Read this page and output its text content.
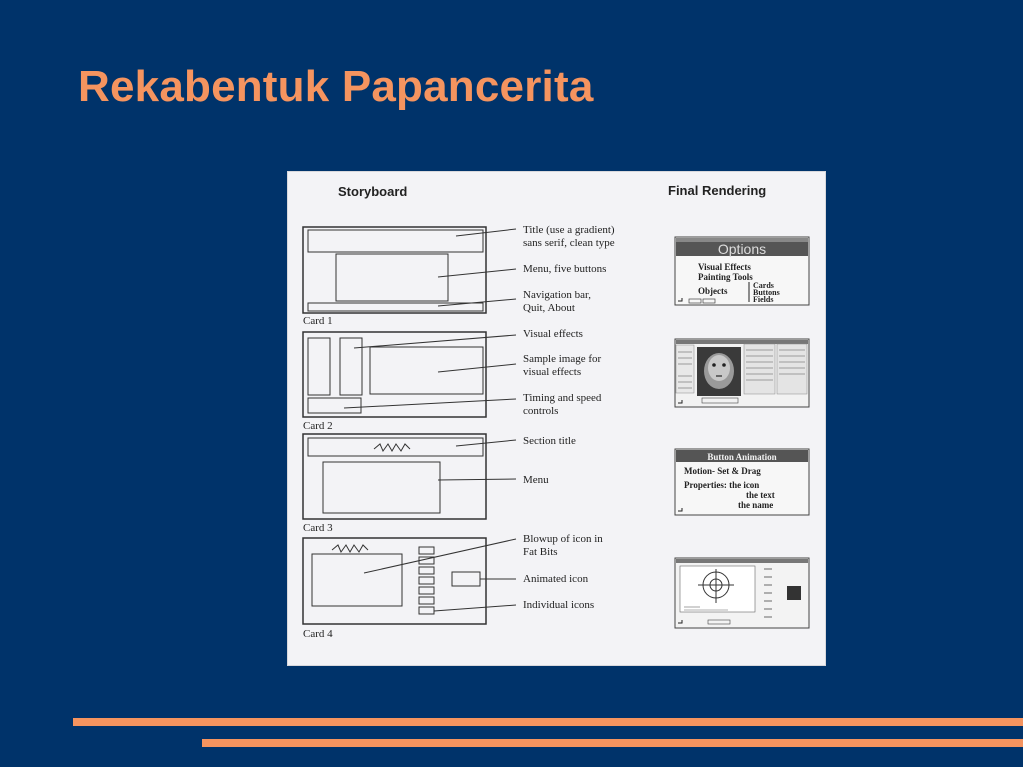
Rekabentuk Papancerita
Storyboard	Final Rendering
Card 1
Title (use a gradient)
sans serif, clean type
Menu, five buttons
Navigation bar,
Quit, About
Card 2
Visual effects
Sample image for
visual effects
Timing and speed
controls
Card 3
Section title
Menu
Card 4
Blowup of icon in
Fat Bits
Animated icon
Individual icons
Options
Visual Effects
Painting Tools
Objects
Cards
Buttons
Fields
Button Animation
Motion- Set & Drag
Properties: the icon
the text
the name
